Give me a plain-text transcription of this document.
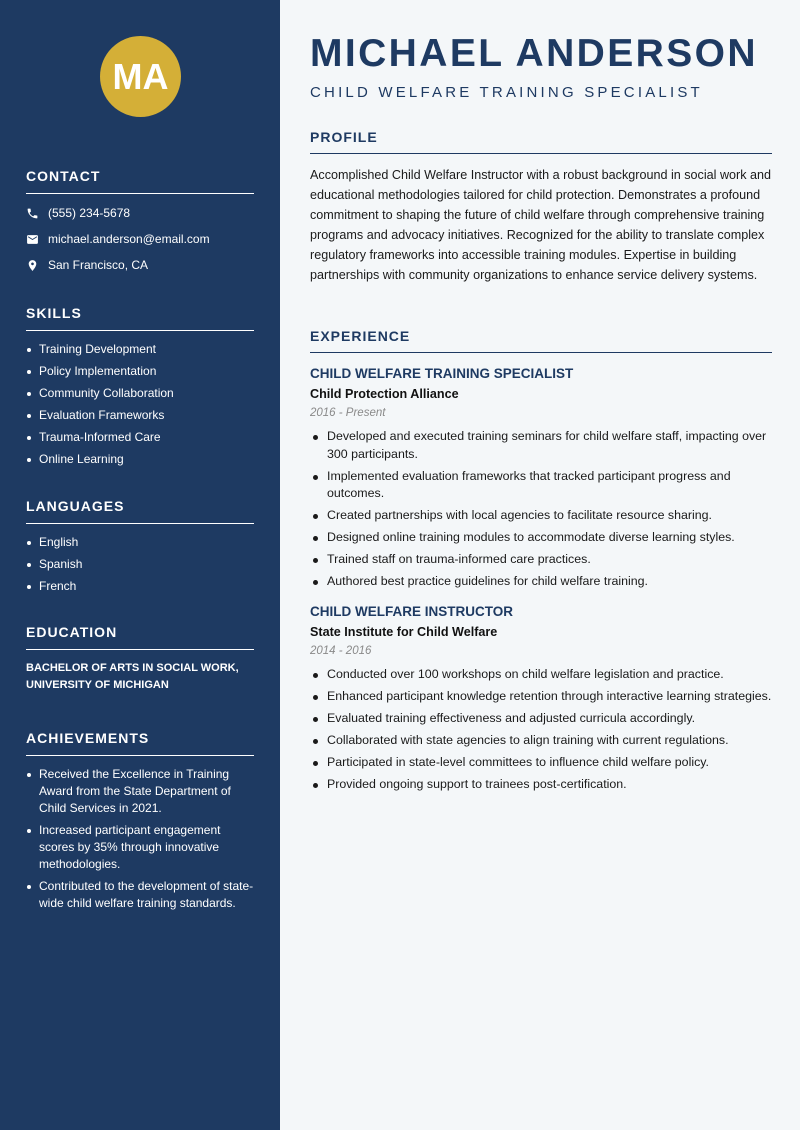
MA
CONTACT
(555) 234-5678
michael.anderson@email.com
San Francisco, CA
SKILLS
Training Development
Policy Implementation
Community Collaboration
Evaluation Frameworks
Trauma-Informed Care
Online Learning
LANGUAGES
English
Spanish
French
EDUCATION
BACHELOR OF ARTS IN SOCIAL WORK, UNIVERSITY OF MICHIGAN
ACHIEVEMENTS
Received the Excellence in Training Award from the State Department of Child Services in 2021.
Increased participant engagement scores by 35% through innovative methodologies.
Contributed to the development of state-wide child welfare training standards.
MICHAEL ANDERSON
CHILD WELFARE TRAINING SPECIALIST
PROFILE
Accomplished Child Welfare Instructor with a robust background in social work and educational methodologies tailored for child protection. Demonstrates a profound commitment to shaping the future of child welfare through comprehensive training programs and advocacy initiatives. Recognized for the ability to translate complex regulatory frameworks into accessible training modules. Expertise in building partnerships with community organizations to enhance service delivery systems.
EXPERIENCE
CHILD WELFARE TRAINING SPECIALIST
Child Protection Alliance
2016 - Present
Developed and executed training seminars for child welfare staff, impacting over 300 participants.
Implemented evaluation frameworks that tracked participant progress and outcomes.
Created partnerships with local agencies to facilitate resource sharing.
Designed online training modules to accommodate diverse learning styles.
Trained staff on trauma-informed care practices.
Authored best practice guidelines for child welfare training.
CHILD WELFARE INSTRUCTOR
State Institute for Child Welfare
2014 - 2016
Conducted over 100 workshops on child welfare legislation and practice.
Enhanced participant knowledge retention through interactive learning strategies.
Evaluated training effectiveness and adjusted curricula accordingly.
Collaborated with state agencies to align training with current regulations.
Participated in state-level committees to influence child welfare policy.
Provided ongoing support to trainees post-certification.
